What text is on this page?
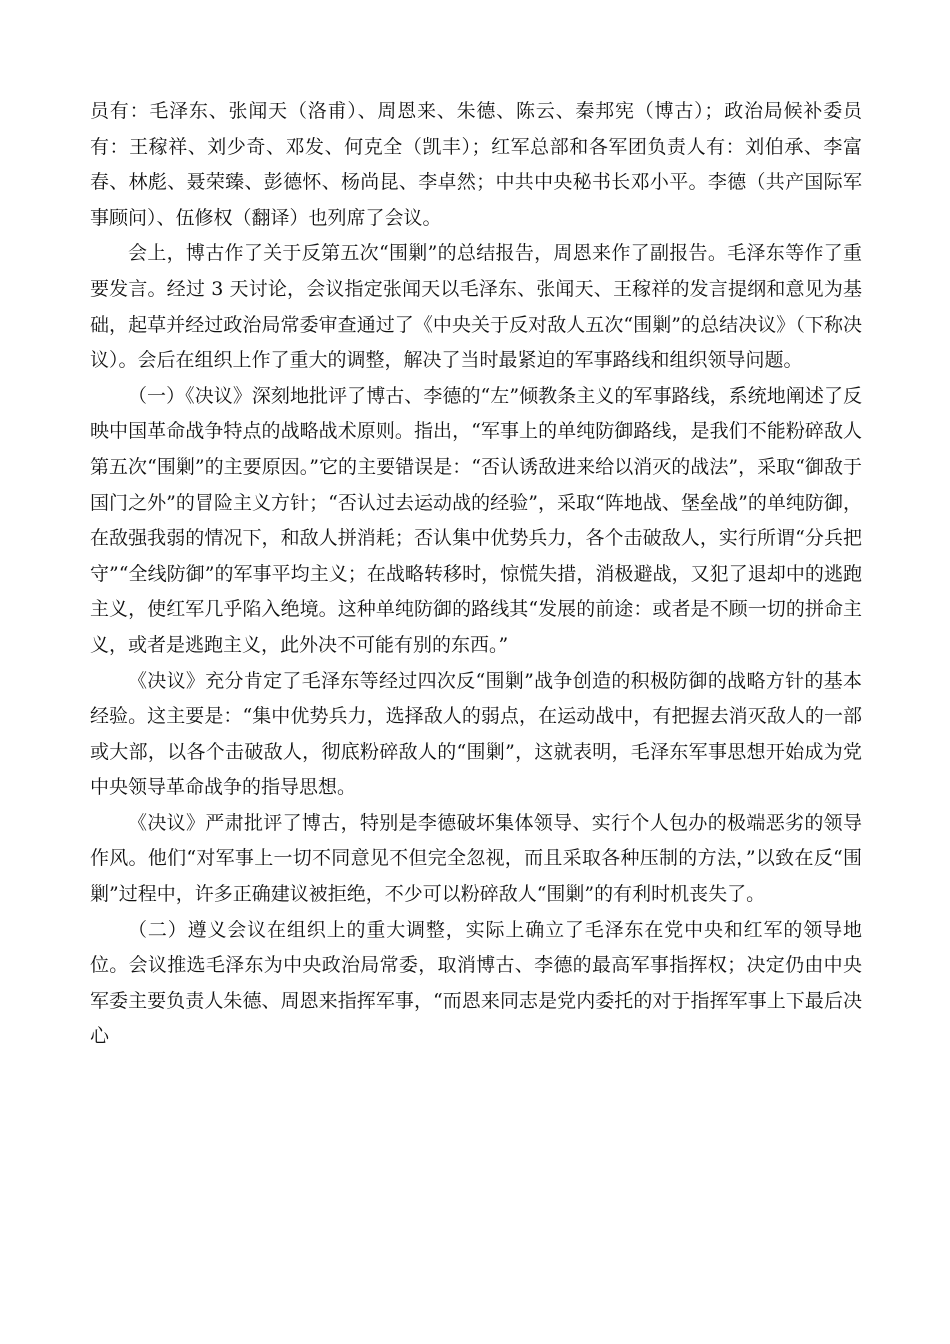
员有：毛泽东、张闻天（洛甫）、周恩来、朱德、陈云、秦邦宪（博古）；政治局候补委员有：王稼祥、刘少奇、邓发、何克全（凯丰）；红军总部和各军团负责人有：刘伯承、李富春、林彪、聂荣臻、彭德怀、杨尚昆、李卓然；中共中央秘书长邓小平。李德（共产国际军事顾问）、伍修权（翻译）也列席了会议。

会上，博古作了关于反第五次“围剿”的总结报告，周恩来作了副报告。毛泽东等作了重要发言。经过 3 天讨论，会议指定张闻天以毛泽东、张闻天、王稼祥的发言提纲和意见为基础，起草并经过政治局常委审查通过了《中央关于反对敌人五次“围剿”的总结决议》（下称决议）。会后在组织上作了重大的调整，解决了当时最紧迫的军事路线和组织领导问题。

（一）《决议》深刻地批评了博古、李德的“左”倾教条主义的军事路线，系统地阐述了反映中国革命战争特点的战略战术原则。指出，“军事上的单纯防御路线，是我们不能粉碎敌人第五次“围剿”的主要原因。”它的主要错误是：“否认诱敌进来给以消灭的战法”，采取“御敌于国门之外”的冒险主义方针；“否认过去运动战的经验”，采取“阵地战、堡垒战”的单纯防御，在敌强我弱的情况下，和敌人拼消耗；否认集中优势兵力，各个击破敌人，实行所谓“分兵把守”“全线防御”的军事平均主义；在战略转移时，惊慌失措，消极避战，又犯了退却中的逃跑主义，使红军几乎陷入绝境。这种单纯防御的路线其“发展的前途：或者是不顾一切的拼命主义，或者是逃跑主义，此外决不可能有别的东西。”

《决议》充分肯定了毛泽东等经过四次反“围剿”战争创造的积极防御的战略方针的基本经验。这主要是：“集中优势兵力，选择敌人的弱点，在运动战中，有把握去消灭敌人的一部或大部，以各个击破敌人，彻底粉碎敌人的“围剿”，这就表明，毛泽东军事思想开始成为党中央领导革命战争的指导思想。

《决议》严肃批评了博古，特别是李德破坏集体领导、实行个人包办的极端恶劣的领导作风。他们“对军事上一切不同意见不但完全忽视，而且采取各种压制的方法，”以致在反“围剿”过程中，许多正确建议被拒绝，不少可以粉碎敌人“围剿”的有利时机丧失了。

（二）遵义会议在组织上的重大调整，实际上确立了毛泽东在党中央和红军的领导地位。会议推选毛泽东为中央政治局常委，取消博古、李德的最高军事指挥权；决定仍由中央军委主要负责人朱德、周恩来指挥军事，“而恩来同志是党内委托的对于指挥军事上下最后决心
